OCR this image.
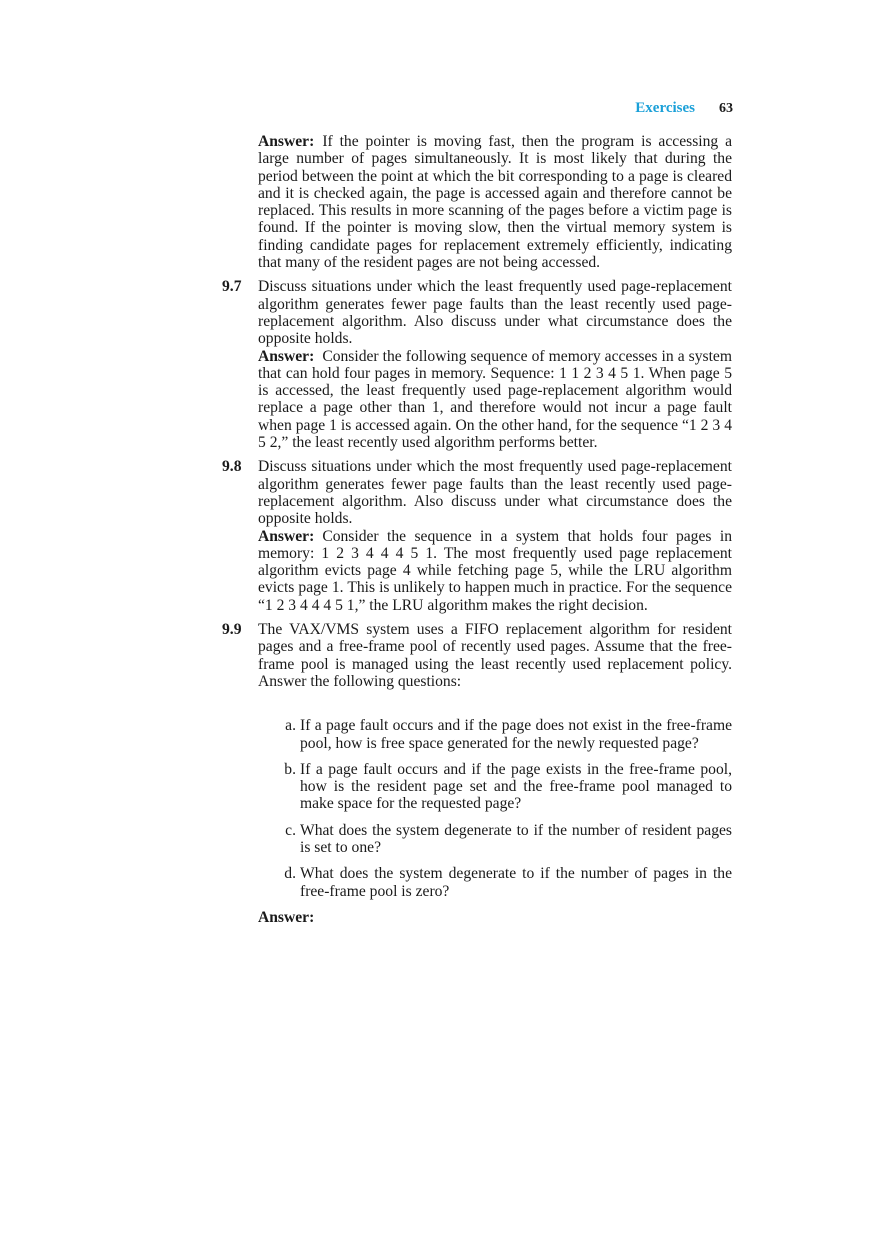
Exercises 63

Answer: If the pointer is moving fast, then the program is accessing a large number of pages simultaneously. It is most likely that during the period between the point at which the bit corresponding to a page is cleared and it is checked again, the page is accessed again and therefore cannot be replaced. This results in more scanning of the pages before a victim page is found. If the pointer is moving slow, then the virtual memory system is finding candidate pages for replacement extremely efficiently, indicating that many of the resident pages are not being accessed.

9.7 Discuss situations under which the least frequently used page-replacement algorithm generates fewer page faults than the least recently used page-replacement algorithm. Also discuss under what circumstance does the opposite holds.

Answer: Consider the following sequence of memory accesses in a system that can hold four pages in memory. Sequence: 1 1 2 3 4 5 1. When page 5 is accessed, the least frequently used page-replacement algorithm would replace a page other than 1, and therefore would not incur a page fault when page 1 is accessed again. On the other hand, for the sequence “1 2 3 4 5 2,” the least recently used algorithm performs better.

9.8 Discuss situations under which the most frequently used page-replacement algorithm generates fewer page faults than the least recently used page-replacement algorithm. Also discuss under what circumstance does the opposite holds.

Answer: Consider the sequence in a system that holds four pages in memory: 1 2 3 4 4 4 5 1. The most frequently used page replacement algorithm evicts page 4 while fetching page 5, while the LRU algorithm evicts page 1. This is unlikely to happen much in practice. For the sequence “1 2 3 4 4 4 5 1,” the LRU algorithm makes the right decision.

9.9 The VAX/VMS system uses a FIFO replacement algorithm for resident pages and a free-frame pool of recently used pages. Assume that the free-frame pool is managed using the least recently used replacement policy. Answer the following questions:

a. If a page fault occurs and if the page does not exist in the free-frame pool, how is free space generated for the newly requested page?

b. If a page fault occurs and if the page exists in the free-frame pool, how is the resident page set and the free-frame pool managed to make space for the requested page?

c. What does the system degenerate to if the number of resident pages is set to one?

d. What does the system degenerate to if the number of pages in the free-frame pool is zero?

Answer:
